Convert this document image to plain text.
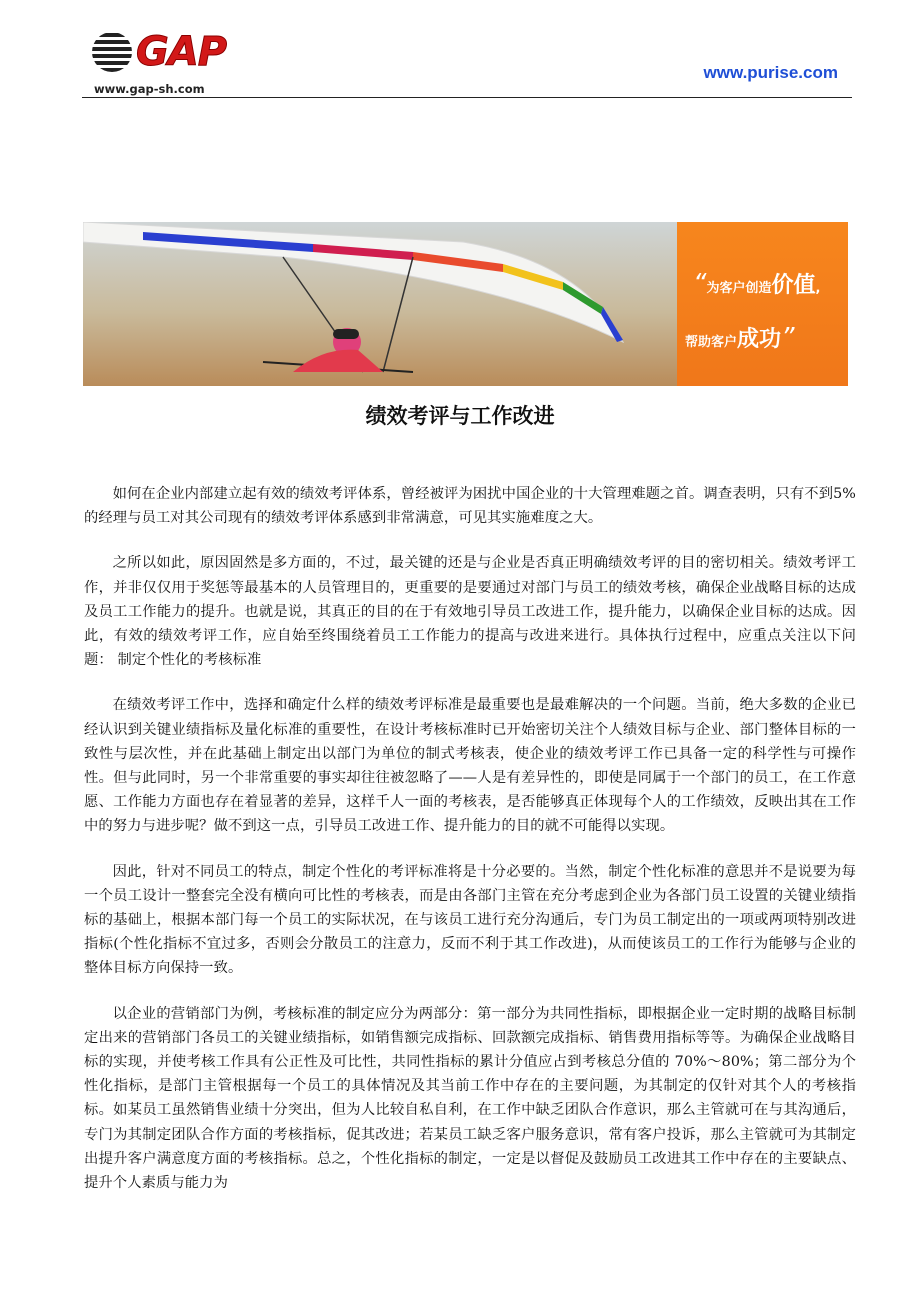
GAP
www.gap-sh.com
www.purise.com
“为客户创造价值,
帮助客户成功”
绩效考评与工作改进

如何在企业内部建立起有效的绩效考评体系，曾经被评为困扰中国企业的十大管理难题之首。调查表明，只有不到5%的经理与员工对其公司现有的绩效考评体系感到非常满意，可见其实施难度之大。

之所以如此，原因固然是多方面的，不过，最关键的还是与企业是否真正明确绩效考评的目的密切相关。绩效考评工作，并非仅仅用于奖惩等最基本的人员管理目的，更重要的是要通过对部门与员工的绩效考核，确保企业战略目标的达成及员工工作能力的提升。也就是说，其真正的目的在于有效地引导员工改进工作，提升能力，以确保企业目标的达成。因此，有效的绩效考评工作，应自始至终围绕着员工工作能力的提高与改进来进行。具体执行过程中，应重点关注以下问题： 制定个性化的考核标准

在绩效考评工作中，选择和确定什么样的绩效考评标准是最重要也是最难解决的一个问题。当前，绝大多数的企业已经认识到关键业绩指标及量化标准的重要性，在设计考核标准时已开始密切关注个人绩效目标与企业、部门整体目标的一致性与层次性，并在此基础上制定出以部门为单位的制式考核表，使企业的绩效考评工作已具备一定的科学性与可操作性。但与此同时，另一个非常重要的事实却往往被忽略了——人是有差异性的，即使是同属于一个部门的员工，在工作意愿、工作能力方面也存在着显著的差异，这样千人一面的考核表，是否能够真正体现每个人的工作绩效，反映出其在工作中的努力与进步呢？做不到这一点，引导员工改进工作、提升能力的目的就不可能得以实现。

因此，针对不同员工的特点，制定个性化的考评标准将是十分必要的。当然，制定个性化标准的意思并不是说要为每一个员工设计一整套完全没有横向可比性的考核表，而是由各部门主管在充分考虑到企业为各部门员工设置的关键业绩指标的基础上，根据本部门每一个员工的实际状况，在与该员工进行充分沟通后，专门为员工制定出的一项或两项特别改进指标(个性化指标不宜过多，否则会分散员工的注意力，反而不利于其工作改进)，从而使该员工的工作行为能够与企业的整体目标方向保持一致。

以企业的营销部门为例，考核标准的制定应分为两部分：第一部分为共同性指标，即根据企业一定时期的战略目标制定出来的营销部门各员工的关键业绩指标，如销售额完成指标、回款额完成指标、销售费用指标等等。为确保企业战略目标的实现，并使考核工作具有公正性及可比性，共同性指标的累计分值应占到考核总分值的 70%～80%；第二部分为个性化指标，是部门主管根据每一个员工的具体情况及其当前工作中存在的主要问题，为其制定的仅针对其个人的考核指标。如某员工虽然销售业绩十分突出，但为人比较自私自利，在工作中缺乏团队合作意识，那么主管就可在与其沟通后，专门为其制定团队合作方面的考核指标，促其改进；若某员工缺乏客户服务意识，常有客户投诉，那么主管就可为其制定出提升客户满意度方面的考核指标。总之，个性化指标的制定，一定是以督促及鼓励员工改进其工作中存在的主要缺点、提升个人素质与能力为
